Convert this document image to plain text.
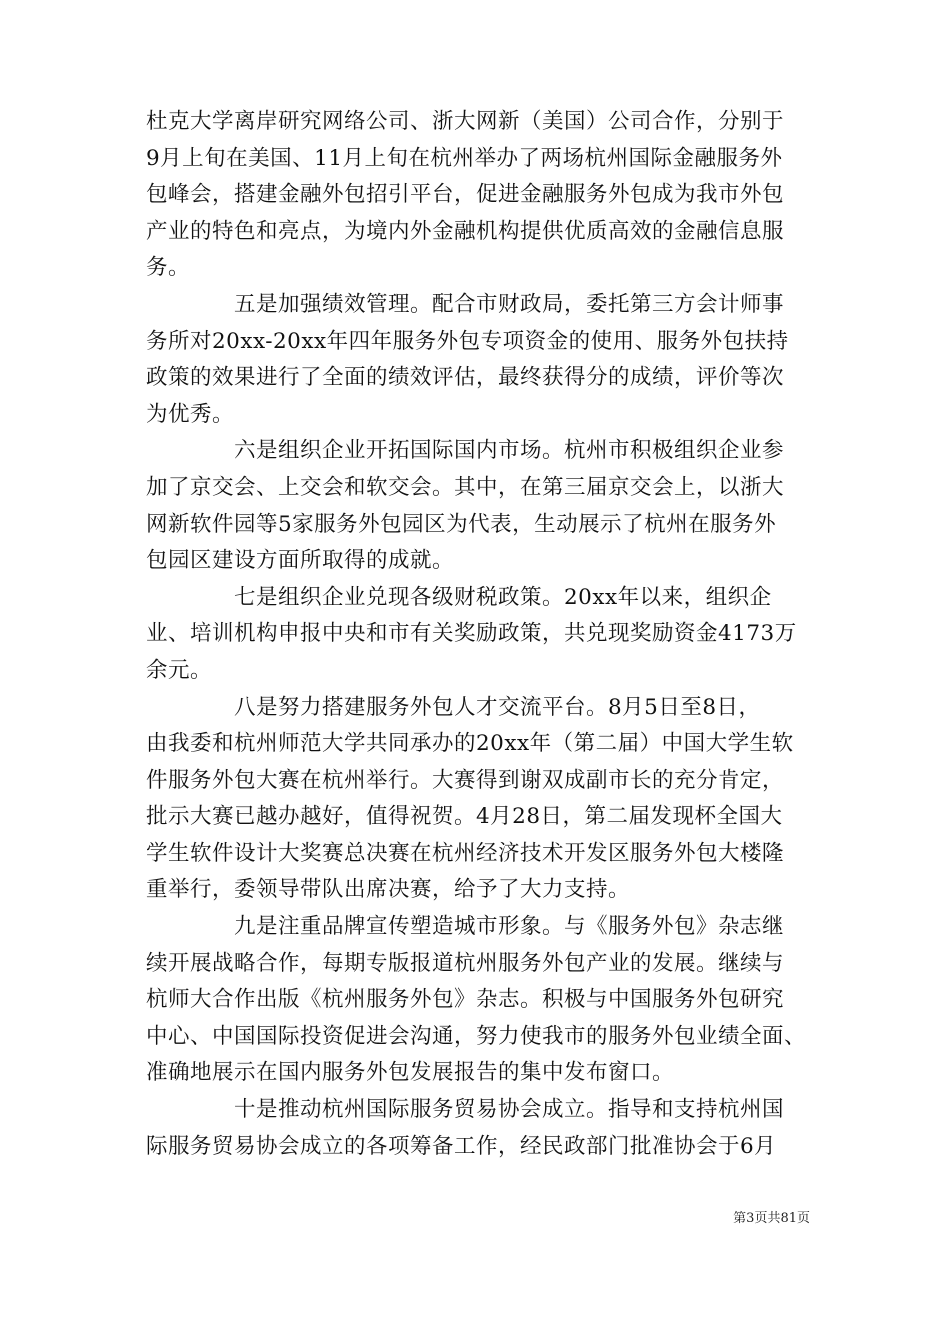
杜克大学离岸研究网络公司、浙大网新（美国）公司合作，分别于
9月上旬在美国、11月上旬在杭州举办了两场杭州国际金融服务外
包峰会，搭建金融外包招引平台，促进金融服务外包成为我市外包
产业的特色和亮点，为境内外金融机构提供优质高效的金融信息服
务。

　　　　五是加强绩效管理。配合市财政局，委托第三方会计师事
务所对20xx-20xx年四年服务外包专项资金的使用、服务外包扶持
政策的效果进行了全面的绩效评估，最终获得分的成绩，评价等次
为优秀。

　　　　六是组织企业开拓国际国内市场。杭州市积极组织企业参
加了京交会、上交会和软交会。其中，在第三届京交会上，以浙大
网新软件园等5家服务外包园区为代表，生动展示了杭州在服务外
包园区建设方面所取得的成就。

　　　　七是组织企业兑现各级财税政策。20xx年以来，组织企
业、培训机构申报中央和市有关奖励政策，共兑现奖励资金4173万
余元。

　　　　八是努力搭建服务外包人才交流平台。8月5日至8日，
由我委和杭州师范大学共同承办的20xx年（第二届）中国大学生软
件服务外包大赛在杭州举行。大赛得到谢双成副市长的充分肯定，
批示大赛已越办越好，值得祝贺。4月28日，第二届发现杯全国大
学生软件设计大奖赛总决赛在杭州经济技术开发区服务外包大楼隆
重举行，委领导带队出席决赛，给予了大力支持。

　　　　九是注重品牌宣传塑造城市形象。与《服务外包》杂志继
续开展战略合作，每期专版报道杭州服务外包产业的发展。继续与
杭师大合作出版《杭州服务外包》杂志。积极与中国服务外包研究
中心、中国国际投资促进会沟通，努力使我市的服务外包业绩全面、
准确地展示在国内服务外包发展报告的集中发布窗口。

　　　　十是推动杭州国际服务贸易协会成立。指导和支持杭州国
际服务贸易协会成立的各项筹备工作，经民政部门批准协会于6月

第3页共81页
